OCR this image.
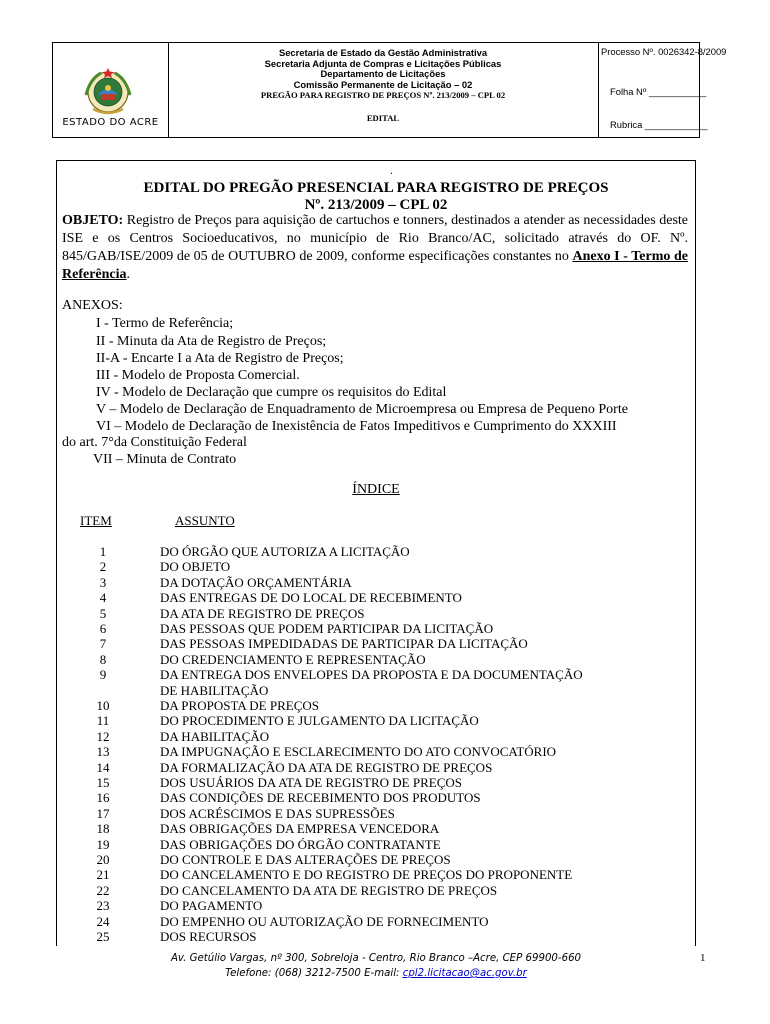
ESTADO DO ACRE
Secretaria de Estado da Gestão Administrativa
Secretaria Adjunta de Compras e Licitações Públicas
Departamento de Licitações
Comissão Permanente de Licitação – 02
PREGÃO PARA REGISTRO DE PREÇOS Nº. 213/2009 – CPL 02
EDITAL
Processo Nº. 0026342-8/2009
Folha Nº ___________
Rubrica ____________
.
EDITAL DO PREGÃO PRESENCIAL PARA REGISTRO DE PREÇOS
Nº. 213/2009 – CPL 02
OBJETO: Registro de Preços para aquisição de cartuchos e tonners, destinados a atender as necessidades deste ISE e os Centros Socioeducativos, no município de Rio Branco/AC, solicitado através do OF. Nº. 845/GAB/ISE/2009 de 05 de OUTUBRO de 2009, conforme especificações constantes no Anexo I - Termo de Referência.
ANEXOS:
I - Termo de Referência;
II - Minuta da Ata de Registro de Preços;
II-A - Encarte I a Ata de Registro de Preços;
III - Modelo de Proposta Comercial.
IV - Modelo de Declaração que cumpre os requisitos do Edital
V – Modelo de Declaração de Enquadramento de Microempresa ou Empresa de Pequeno Porte
VI – Modelo de Declaração de Inexistência de Fatos Impeditivos e Cumprimento do XXXIII
do art. 7°da Constituição Federal
VII – Minuta de Contrato
ÍNDICE
ITEM	ASSUNTO
1	DO ÓRGÃO QUE AUTORIZA A LICITAÇÃO
2	DO OBJETO
3	DA DOTAÇÃO ORÇAMENTÁRIA
4	DAS ENTREGAS DE DO LOCAL DE RECEBIMENTO
5	DA ATA DE REGISTRO DE PREÇOS
6	DAS PESSOAS QUE PODEM PARTICIPAR DA LICITAÇÃO
7	DAS PESSOAS IMPEDIDADAS DE PARTICIPAR DA LICITAÇÃO
8	DO CREDENCIAMENTO E REPRESENTAÇÃO
9	DA ENTREGA DOS ENVELOPES DA PROPOSTA E DA DOCUMENTAÇÃO
DE HABILITAÇÃO
10	DA PROPOSTA DE PREÇOS
11	DO PROCEDIMENTO E JULGAMENTO DA LICITAÇÃO
12	DA HABILITAÇÃO
13	DA IMPUGNAÇÃO E ESCLARECIMENTO DO ATO CONVOCATÓRIO
14	DA FORMALIZAÇÃO DA ATA DE REGISTRO DE PREÇOS
15	DOS USUÁRIOS DA ATA DE REGISTRO DE PREÇOS
16	DAS CONDIÇÕES DE RECEBIMENTO DOS PRODUTOS
17	DOS ACRÉSCIMOS E DAS SUPRESSÕES
18	DAS OBRIGAÇÕES DA EMPRESA VENCEDORA
19	DAS OBRIGAÇÕES DO ÓRGÃO CONTRATANTE
20	DO CONTROLE E DAS ALTERAÇÕES DE PREÇOS
21	DO CANCELAMENTO E DO REGISTRO DE PREÇOS DO PROPONENTE
22	DO CANCELAMENTO DA ATA DE REGISTRO DE PREÇOS
23	DO PAGAMENTO
24	DO EMPENHO OU AUTORIZAÇÃO DE FORNECIMENTO
25	DOS RECURSOS
Av. Getúlio Vargas, nº 300, Sobreloja - Centro, Rio Branco –Acre, CEP 69900-660
Telefone: (068) 3212-7500 E-mail: cpl2.licitacao@ac.gov.br
1
